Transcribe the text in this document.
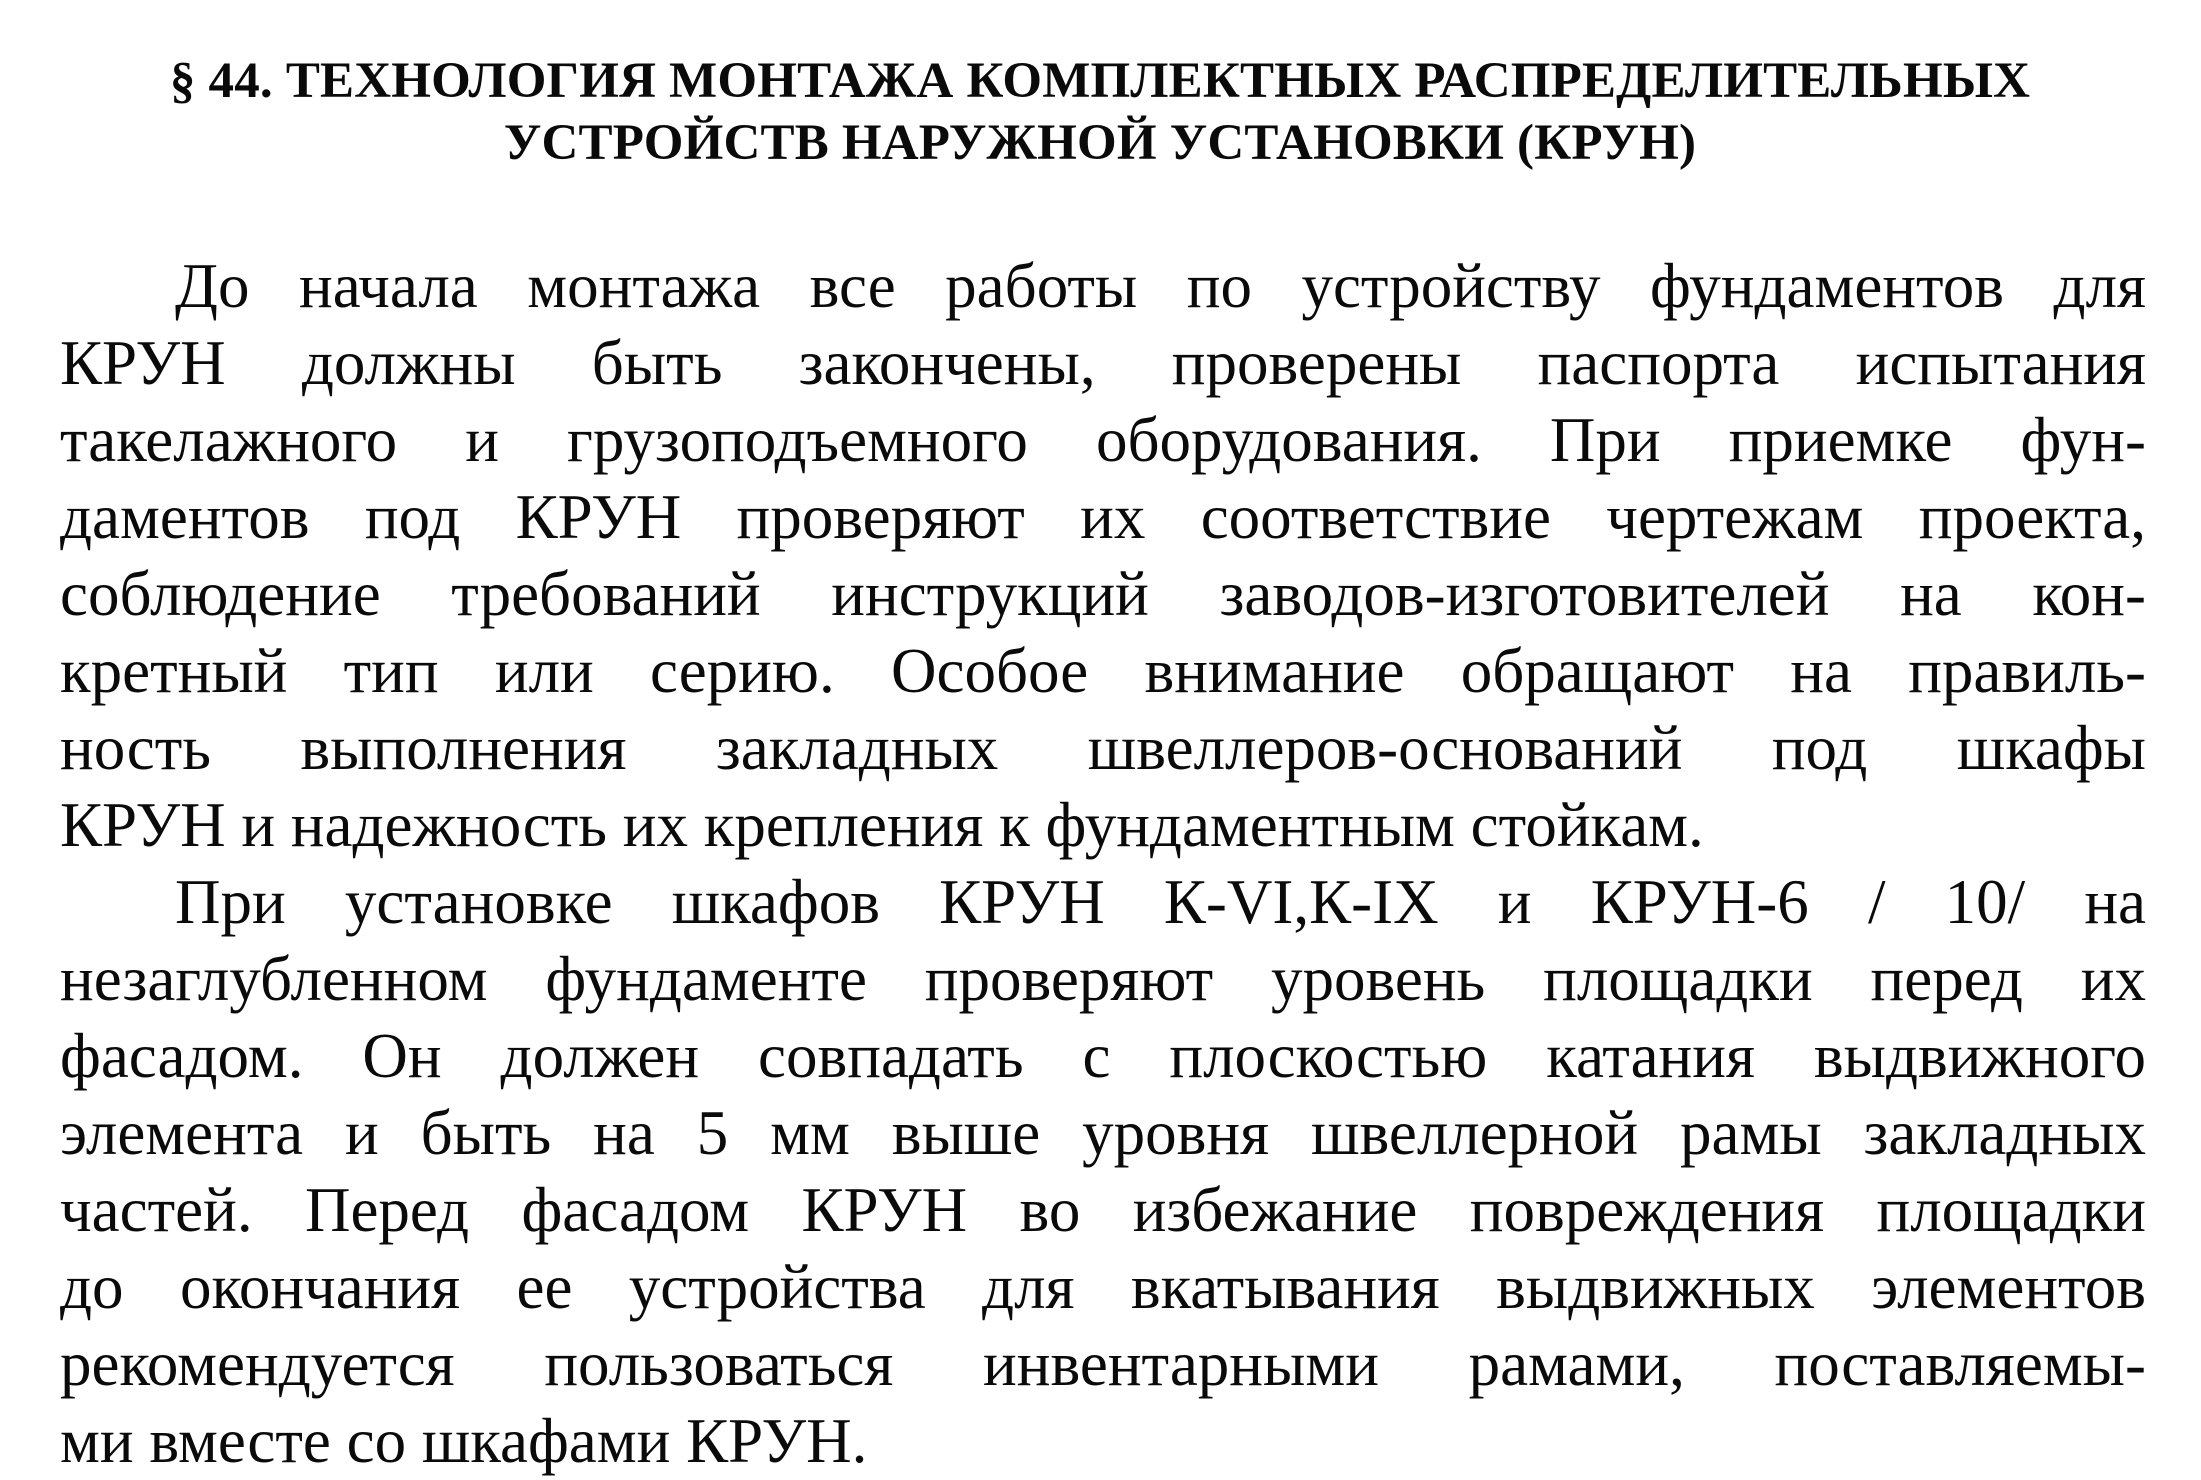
§ 44. ТЕХНОЛОГИЯ МОНТАЖА КОМПЛЕКТНЫХ РАСПРЕДЕЛИТЕЛЬНЫХ
УСТРОЙСТВ НАРУЖНОЙ УСТАНОВКИ (КРУН)
До начала монтажа все работы по устройству фундаментов для
КРУН должны быть закончены, проверены паспорта испытания
такелажного и грузоподъемного оборудования. При приемке фун-
даментов под КРУН проверяют их соответствие чертежам проекта,
соблюдение требований инструкций заводов-изготовителей на кон-
кретный тип или серию. Особое внимание обращают на правиль-
ность выполнения закладных швеллеров-оснований под шкафы
КРУН и надежность их крепления к фундаментным стойкам.
При установке шкафов КРУН К-VI,К-IX и КРУН-6 / 10/ на
незаглубленном фундаменте проверяют уровень площадки перед их
фасадом. Он должен совпадать с плоскостью катания выдвижного
элемента и быть на 5 мм выше уровня швеллерной рамы закладных
частей. Перед фасадом КРУН во избежание повреждения площадки
до окончания ее устройства для вкатывания выдвижных элементов
рекомендуется пользоваться инвентарными рамами, поставляемы-
ми вместе со шкафами КРУН.
